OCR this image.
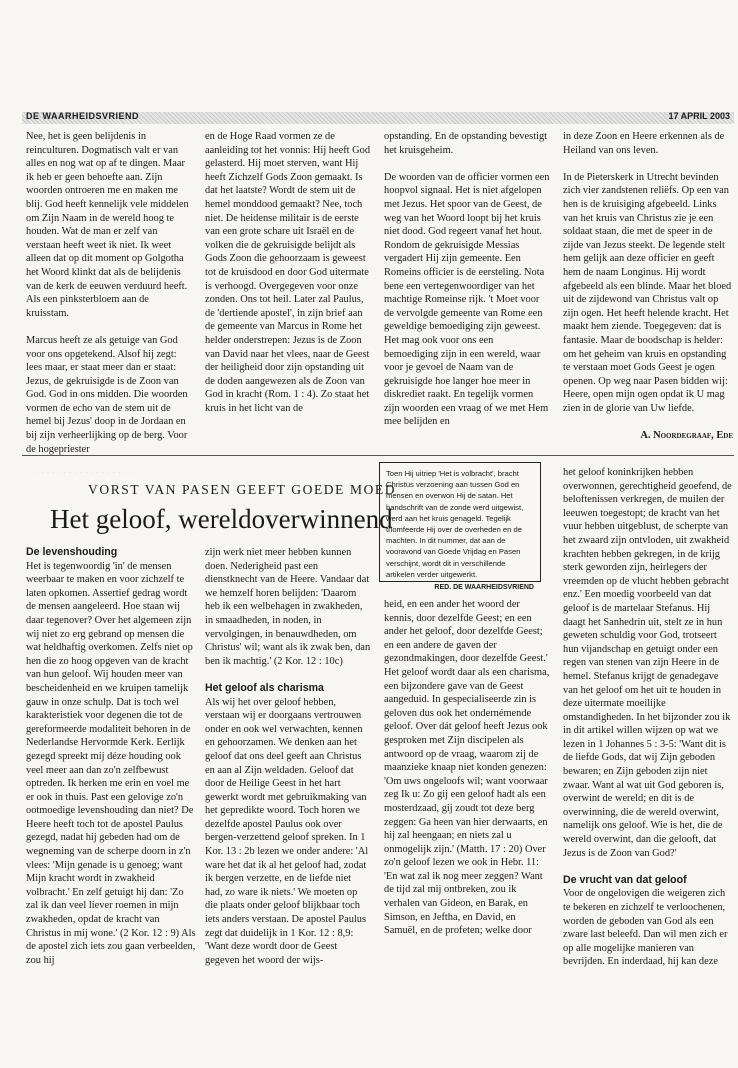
DE WAARHEIDSVRIEND	17 APRIL 2003

Nee, het is geen belijdenis in reinculturen. Dogmatisch valt er van alles en nog wat op af te dingen. Maar ik heb er geen behoefte aan. Zijn woorden ontroeren me en maken me blij. God heeft kennelijk vele middelen om Zijn Naam in de wereld hoog te houden. Wat de man er zelf van verstaan heeft weet ik niet. Ik weet alleen dat op dit moment op Golgotha het Woord klinkt dat als de belijdenis van de kerk de eeuwen verduurd heeft. Als een pinksterbloem aan de kruisstam.

Marcus heeft ze als getuige van God voor ons opgetekend. Alsof hij zegt: lees maar, er staat meer dan er staat: Jezus, de gekruisigde is de Zoon van God. God in ons midden. Die woorden vormen de echo van de stem uit de hemel bij Jezus' doop in de Jordaan en bij zijn verheerlijking op de berg. Voor de hogepriester

en de Hoge Raad vormen ze de aanleiding tot het vonnis: Hij heeft God gelasterd. Hij moet sterven, want Hij heeft Zichzelf Gods Zoon gemaakt. Is dat het laatste? Wordt de stem uit de hemel monddood gemaakt? Nee, toch niet. De heidense militair is de eerste van een grote schare uit Israël en de volken die de gekruisigde belijdt als Gods Zoon die gehoorzaam is geweest tot de kruisdood en door God uitermate is verhoogd. Overgegeven voor onze zonden. Ons tot heil. Later zal Paulus, de 'dertiende apostel', in zijn brief aan de gemeente van Marcus in Rome het helder onderstrepen: Jezus is de Zoon van David naar het vlees, naar de Geest der heiligheid door zijn opstanding uit de doden aangewezen als de Zoon van God in kracht (Rom. 1 : 4). Zo staat het kruis in het licht van de

opstanding. En de opstanding bevestigt het kruisgeheim.

De woorden van de officier vormen een hoopvol signaal. Het is niet afgelopen met Jezus. Het spoor van de Geest, de weg van het Woord loopt bij het kruis niet dood. God regeert vanaf het hout. Rondom de gekruisigde Messias vergadert Hij zijn gemeente. Een Romeins officier is de eersteling. Nota bene een vertegenwoordiger van het machtige Romeinse rijk. 't Moet voor de vervolgde gemeente van Rome een geweldige bemoediging zijn geweest. Het mag ook voor ons een bemoediging zijn in een wereld, waar voor je gevoel de Naam van de gekruisigde hoe langer hoe meer in diskrediet raakt. En tegelijk vormen zijn woorden een vraag of we met Hem mee belijden en

in deze Zoon en Heere erkennen als de Heiland van ons leven.

In de Pieterskerk in Utrecht bevinden zich vier zandstenen reliëfs. Op een van hen is de kruisiging afgebeeld. Links van het kruis van Christus zie je een soldaat staan, die met de speer in de zijde van Jezus steekt. De legende stelt hem gelijk aan deze officier en geeft hem de naam Longinus. Hij wordt afgebeeld als een blinde. Maar het bloed uit de zijdewond van Christus valt op zijn ogen. Het heeft helende kracht. Het maakt hem ziende. Toegegeven: dat is fantasie. Maar de boodschap is helder: om het geheim van kruis en opstanding te verstaan moet Gods Geest je ogen openen. Op weg naar Pasen bidden wij: Heere, open mijn ogen opdat ik U mag zien in de glorie van Uw liefde.

A. Noordegraaf, Ede
· · · · · · · · · · · · · · · · · ·
VORST VAN PASEN GEEFT GOEDE MOED
Het geloof, wereldoverwinnend
Toen Hij uitriep 'Het is volbracht', bracht Christus verzoening aan tussen God en mensen en overwon Hij de satan. Het handschrift van de zonde werd uitgewist, werd aan het kruis genageld. Tegelijk triomfeerde Hij over de overheden en de machten. In dit nummer, dat aan de vooravond van Goede Vrijdag en Pasen verschijnt, wordt dit in verschillende artikelen verder uitgewerkt.
RED. DE WAARHEIDSVRIEND
De levenshouding

Het is tegenwoordig 'in' de mensen weerbaar te maken en voor zichzelf te laten opkomen. Assertief gedrag wordt de mensen aangeleerd. Hoe staan wij daar tegenover? Over het algemeen zijn wij niet zo erg gebrand op mensen die wat heldhaftig overkomen. Zelfs niet op hen die zo hoog opgeven van de kracht van hun geloof. Wij houden meer van bescheidenheid en we kruipen tamelijk gauw in onze schulp. Dat is toch wel karakteristiek voor degenen die tot de gereformeerde modaliteit behoren in de Nederlandse Hervormde Kerk. Eerlijk gezegd spreekt mij déze houding ook veel meer aan dan zo'n zelfbewust optreden. Ik herken me erin en voel me er ook in thuis. Past een gelovige zo'n ootmoedige levenshouding dan niet? De Heere heeft toch tot de apostel Paulus gezegd, nadat hij gebeden had om de wegneming van de scherpe doorn in z'n vlees: 'Mijn genade is u genoeg; want Mijn kracht wordt in zwakheid volbracht.' En zelf getuigt hij dan: 'Zo zal ik dan veel liever roemen in mijn zwakheden, opdat de kracht van Christus in mij wone.' (2 Kor. 12 : 9) Als de apostel zich iets zou gaan verbeelden, zou hij

zijn werk niet meer hebben kunnen doen. Nederigheid past een dienstknecht van de Heere. Vandaar dat we hemzelf horen belijden: 'Daarom heb ik een welbehagen in zwakheden, in smaadheden, in noden, in vervolgingen, in benauwdheden, om Christus' wil; want als ik zwak ben, dan ben ik machtig.' (2 Kor. 12 : 10c)

Het geloof als charisma

Als wij het over geloof hebben, verstaan wij er doorgaans vertrouwen onder en ook wel verwachten, kennen en gehoorzamen. We denken aan het geloof dat ons deel geeft aan Christus en aan al Zijn weldaden. Geloof dat door de Heilige Geest in het hart gewerkt wordt met gebruikmaking van het gepredikte woord. Toch horen we dezelfde apostel Paulus ook over bergen-verzettend geloof spreken. In 1 Kor. 13 : 2b lezen we onder andere: 'Al ware het dat ik al het geloof had, zodat ik bergen verzette, en de liefde niet had, zo ware ik niets.' We moeten op die plaats onder geloof blijkbaar toch iets anders verstaan. De apostel Paulus zegt dat duidelijk in 1 Kor. 12 : 8,9: 'Want deze wordt door de Geest gegeven het woord der wijs-

heid, en een ander het woord der kennis, door dezelfde Geest; en een ander het geloof, door dezelfde Geest; en een andere de gaven der gezondmakingen, door dezelfde Geest.' Het geloof wordt daar als een charisma, een bijzondere gave van de Geest aangeduid. In gespecialiseerde zin is geloven dus ook het ondernémende geloof. Over dát geloof heeft Jezus ook gesproken met Zijn discipelen als antwoord op de vraag, waarom zij de maanzieke knaap niet konden genezen: 'Om uws ongeloofs wil; want voorwaar zeg Ik u: Zo gij een geloof hadt als een mosterdzaad, gij zoudt tot deze berg zeggen: Ga heen van hier derwaarts, en hij zal heengaan; en niets zal u onmogelijk zijn.' (Matth. 17 : 20) Over zo'n geloof lezen we ook in Hebr. 11: 'En wat zal ik nog meer zeggen? Want de tijd zal mij ontbreken, zou ik verhalen van Gideon, en Barak, en Simson, en Jeftha, en David, en Samuël, en de profeten; welke door

het geloof koninkrijken hebben overwonnen, gerechtigheid geoefend, de beloftenissen verkregen, de muilen der leeuwen toegestopt; de kracht van het vuur hebben uitgeblust, de scherpte van het zwaard zijn ontvloden, uit zwakheid krachten hebben gekregen, in de krijg sterk geworden zijn, heirlegers der vreemden op de vlucht hebben gebracht enz.' Een moedig voorbeeld van dat geloof is de martelaar Stefanus. Hij daagt het Sanhedrin uit, stelt ze in hun geweten schuldig voor God, trotseert hun vijandschap en getuigt onder een regen van stenen van zijn Heere in de hemel. Stefanus krijgt de genadegave van het geloof om het uit te houden in deze uitermate moeilijke omstandigheden. In het bijzonder zou ik in dit artikel willen wijzen op wat we lezen in 1 Johannes 5 : 3-5: 'Want dit is de liefde Gods, dat wij Zijn geboden bewaren; en Zijn geboden zijn niet zwaar. Want al wat uit God geboren is, overwint de wereld; en dit is de overwinning, die de wereld overwint, namelijk ons geloof. Wie is het, die de wereld overwint, dan die gelooft, dat Jezus is de Zoon van God?'

De vrucht van dat geloof

Voor de ongelovigen die weigeren zich te bekeren en zichzelf te verloochenen, worden de geboden van God als een zware last beleefd. Dan wil men zich er op alle mogelijke manieren van bevrijden. En inderdaad, hij kan deze
